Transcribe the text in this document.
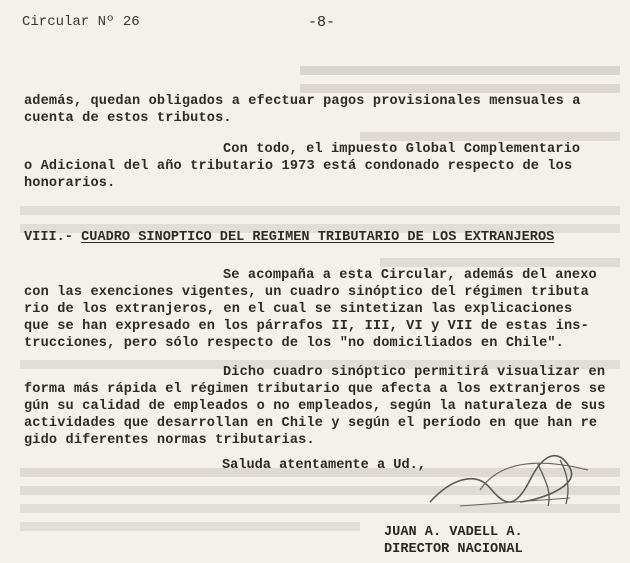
Circular Nº 26	-8-
además, quedan obligados a efectuar pagos provisionales mensuales a
cuenta de estos tributos.
Con todo, el impuesto Global Complementario
o Adicional del año tributario 1973 está condonado respecto de los
honorarios.
VIII.- CUADRO SINOPTICO DEL REGIMEN TRIBUTARIO DE LOS EXTRANJEROS
Se acompaña a esta Circular, además del anexo
con las exenciones vigentes, un cuadro sinóptico del régimen tributa
rio de los extranjeros, en el cual se sintetizan las explicaciones
que se han expresado en los párrafos II, III, VI y VII de estas ins-
trucciones, pero sólo respecto de los "no domiciliados en Chile".
Dicho cuadro sinóptico permitirá visualizar en
forma más rápida el régimen tributario que afecta a los extranjeros se
gún su calidad de empleados o no empleados, según la naturaleza de sus
actividades que desarrollan en Chile y según el período en que han re
gido diferentes normas tributarias.
Saluda atentamente a Ud.,
JUAN A. VADELL A.
DIRECTOR NACIONAL
